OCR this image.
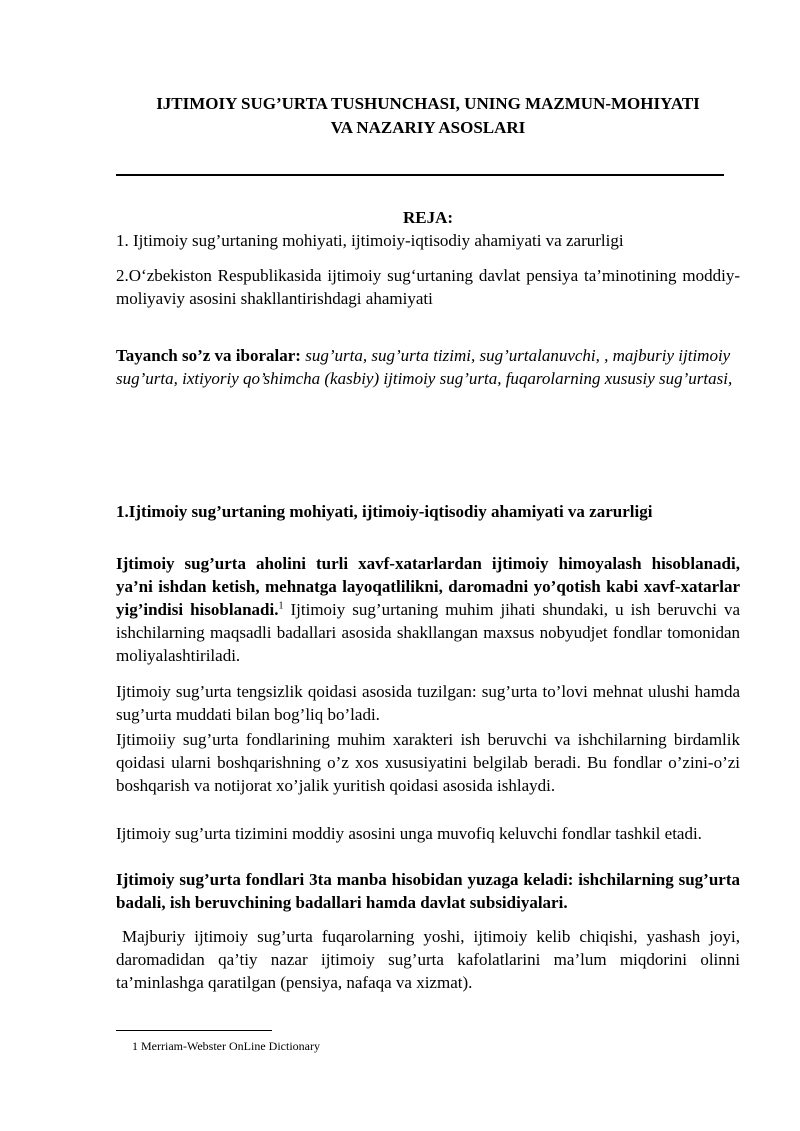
IJTIMOIY SUG’URTA TUSHUNCHASI, UNING MAZMUN-MOHIYATI
VA NAZARIY ASOSLARI
REJA:
1. Ijtimoiy sug’urtaning mohiyati, ijtimoiy-iqtisodiy ahamiyati va zarurligi
2.O‘zbekiston Respublikasida ijtimoiy sug‘urtaning davlat pensiya ta’minotining moddiy-moliyaviy asosini shakllantirishdagi ahamiyati
Tayanch so’z va iboralar: sug’urta, sug’urta tizimi, sug’urtalanuvchi, , majburiy ijtimoiy
sug’urta, ixtiyoriy qo’shimcha (kasbiy) ijtimoiy sug’urta, fuqarolarning xususiy sug’urtasi,
1.Ijtimoiy sug’urtaning mohiyati, ijtimoiy-iqtisodiy ahamiyati va zarurligi
Ijtimoiy sug’urta aholini turli xavf-xatarlardan ijtimoiy himoyalash hisoblanadi, ya’ni ishdan ketish, mehnatga layoqatlilikni, daromadni yo’qotish kabi xavf-xatarlar yig’indisi hisoblanadi.$^1$ Ijtimoiy sug’urtaning muhim jihati shundaki, u ish beruvchi va ishchilarning maqsadli badallari asosida shakllangan maxsus nobyudjet fondlar tomonidan moliyalashtiriladi.
Ijtimoiy sug’urta tengsizlik qoidasi asosida tuzilgan: sug’urta to’lovi mehnat ulushi hamda sug’urta muddati bilan bog’liq bo’ladi.
Ijtimoiiy sug’urta fondlarining muhim xarakteri ish beruvchi va ishchilarning birdamlik qoidasi ularni boshqarishning o’z xos xususiyatini belgilab beradi. Bu fondlar o’zini-o’zi boshqarish va notijorat xo’jalik yuritish qoidasi asosida ishlaydi.
Ijtimoiy sug’urta tizimini moddiy asosini unga muvofiq keluvchi fondlar tashkil etadi.
Ijtimoiy sug’urta fondlari 3ta manba hisobidan yuzaga keladi: ishchilarning sug’urta badali, ish beruvchining badallari hamda davlat subsidiyalari.
Majburiy ijtimoiy sug’urta fuqarolarning yoshi, ijtimoiy kelib chiqishi, yashash joyi, daromadidan qa’tiy nazar ijtimoiy sug’urta kafolatlarini ma’lum miqdorini olinni ta’minlashga qaratilgan (pensiya, nafaqa va xizmat).
1 Merriam-Webster OnLine Dictionary
